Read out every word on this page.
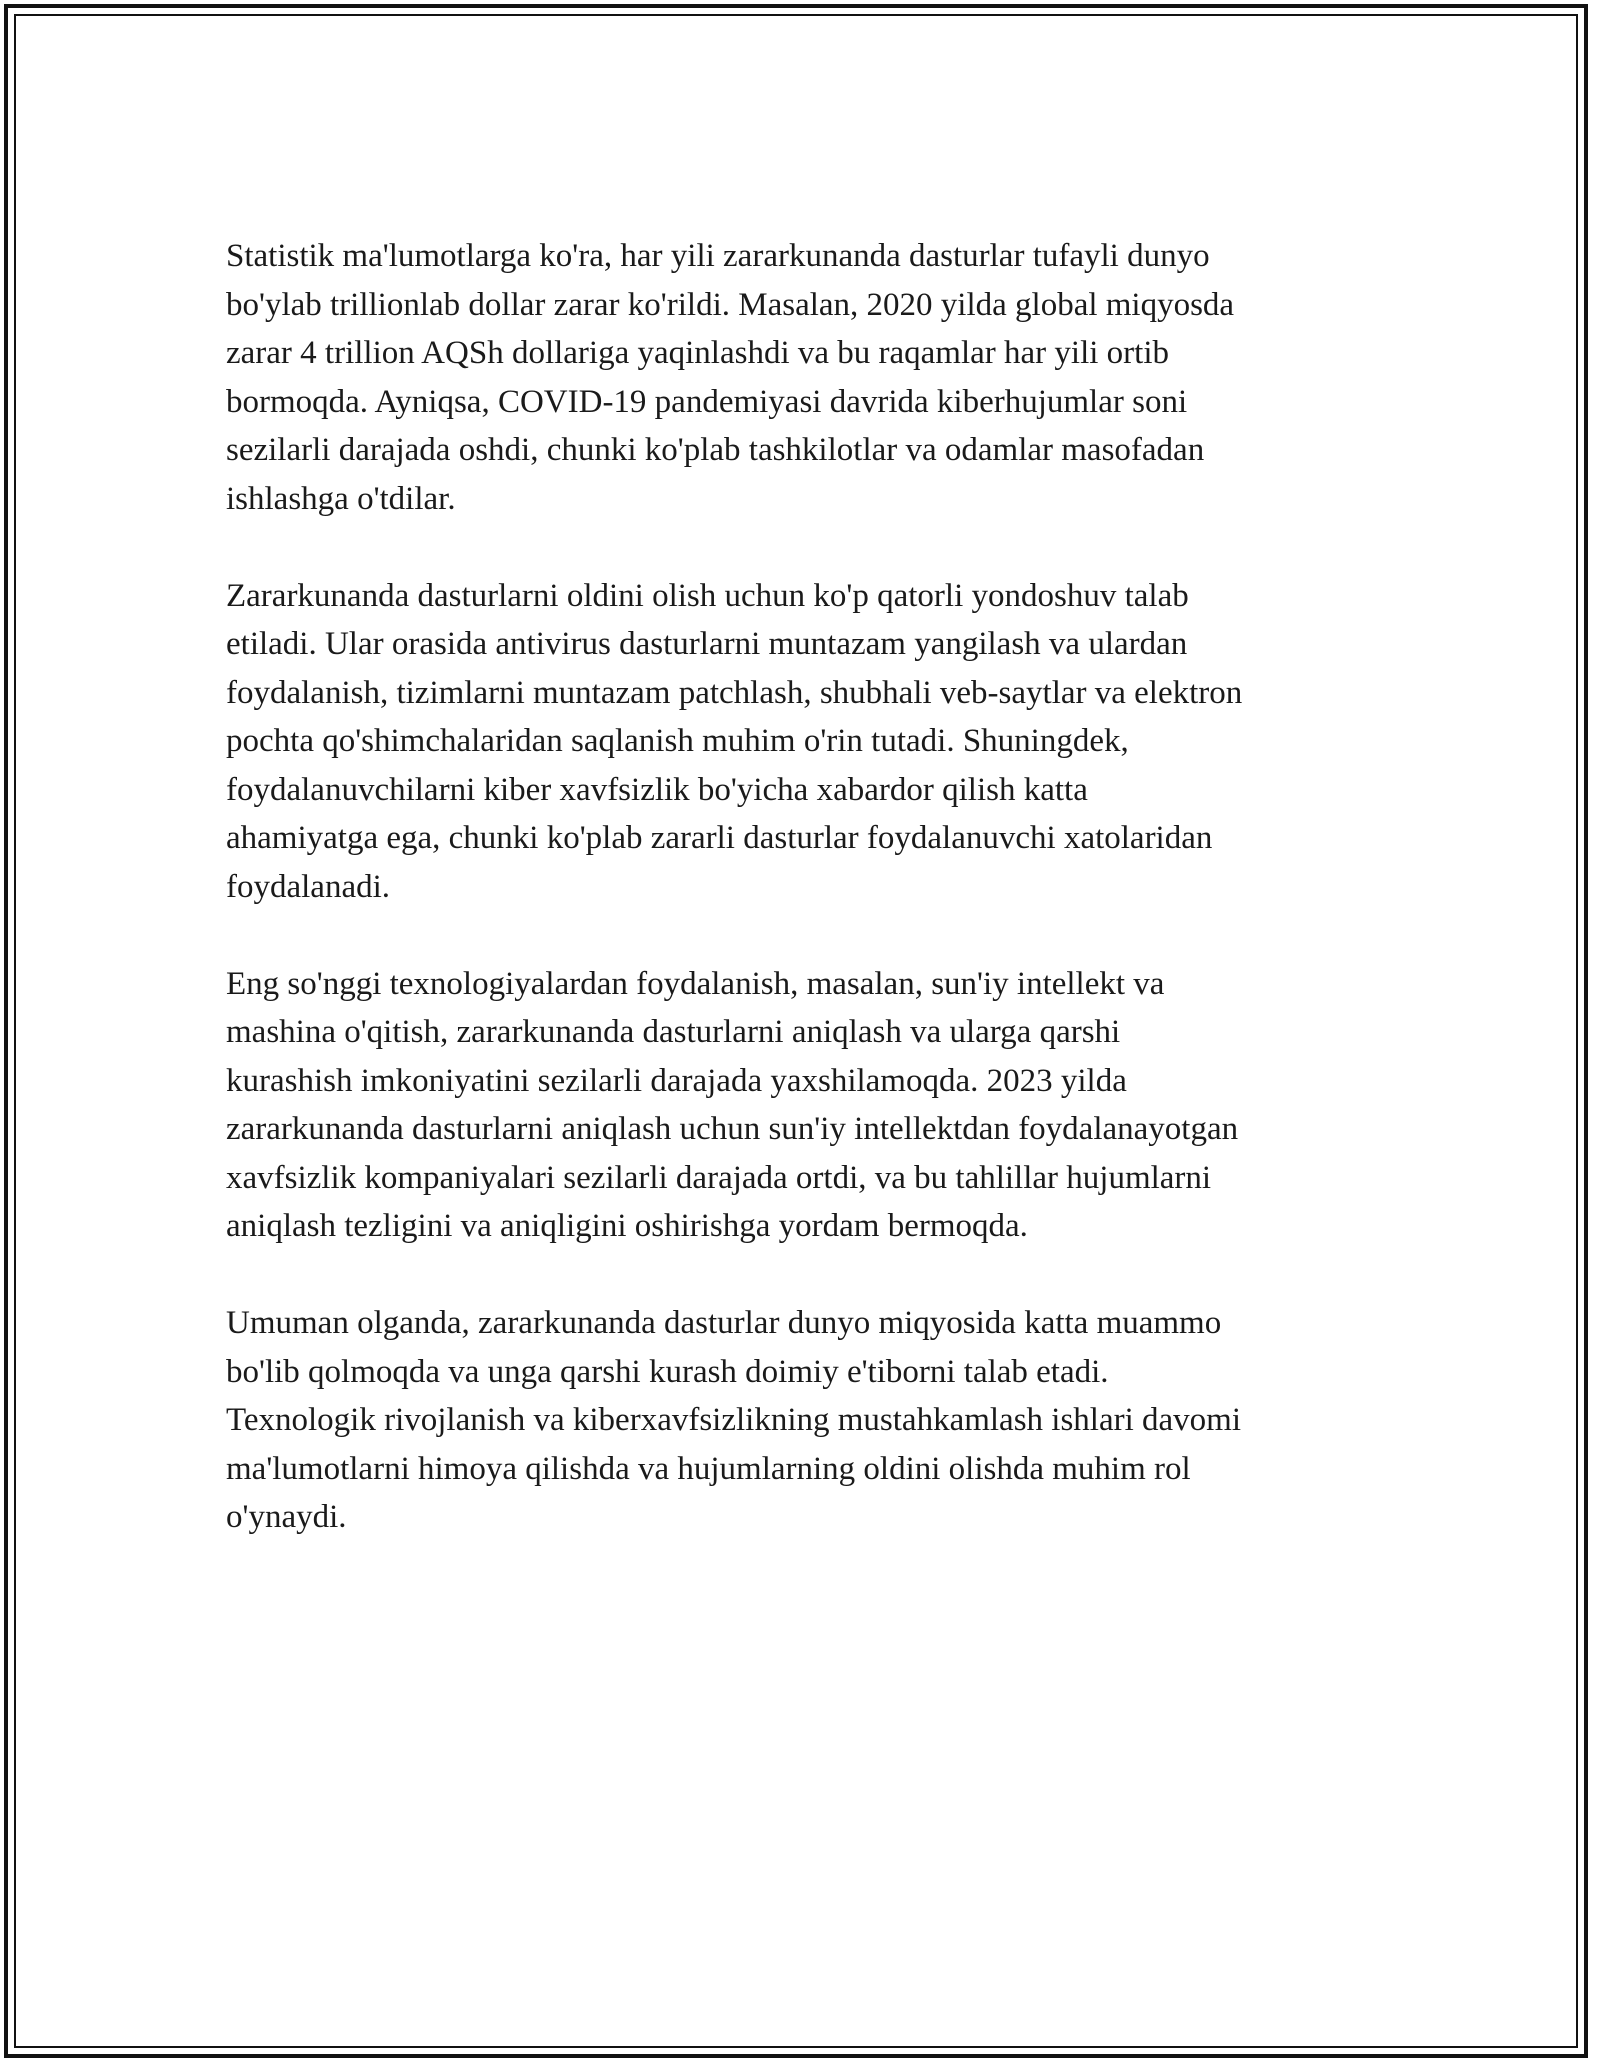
Statistik ma'lumotlarga ko'ra, har yili zararkunanda dasturlar tufayli dunyo
bo'ylab trillionlab dollar zarar ko'rildi. Masalan, 2020 yilda global miqyosda
zarar 4 trillion AQSh dollariga yaqinlashdi va bu raqamlar har yili ortib
bormoqda. Ayniqsa, COVID-19 pandemiyasi davrida kiberhujumlar soni
sezilarli darajada oshdi, chunki ko'plab tashkilotlar va odamlar masofadan
ishlashga o'tdilar.

Zararkunanda dasturlarni oldini olish uchun ko'p qatorli yondoshuv talab
etiladi. Ular orasida antivirus dasturlarni muntazam yangilash va ulardan
foydalanish, tizimlarni muntazam patchlash, shubhali veb-saytlar va elektron
pochta qo'shimchalaridan saqlanish muhim o'rin tutadi. Shuningdek,
foydalanuvchilarni kiber xavfsizlik bo'yicha xabardor qilish katta
ahamiyatga ega, chunki ko'plab zararli dasturlar foydalanuvchi xatolaridan
foydalanadi.

Eng so'nggi texnologiyalardan foydalanish, masalan, sun'iy intellekt va
mashina o'qitish, zararkunanda dasturlarni aniqlash va ularga qarshi
kurashish imkoniyatini sezilarli darajada yaxshilamoqda. 2023 yilda
zararkunanda dasturlarni aniqlash uchun sun'iy intellektdan foydalanayotgan
xavfsizlik kompaniyalari sezilarli darajada ortdi, va bu tahlillar hujumlarni
aniqlash tezligini va aniqligini oshirishga yordam bermoqda.

Umuman olganda, zararkunanda dasturlar dunyo miqyosida katta muammo
bo'lib qolmoqda va unga qarshi kurash doimiy e'tiborni talab etadi.
Texnologik rivojlanish va kiberxavfsizlikning mustahkamlash ishlari davomi
ma'lumotlarni himoya qilishda va hujumlarning oldini olishda muhim rol
o'ynaydi.
